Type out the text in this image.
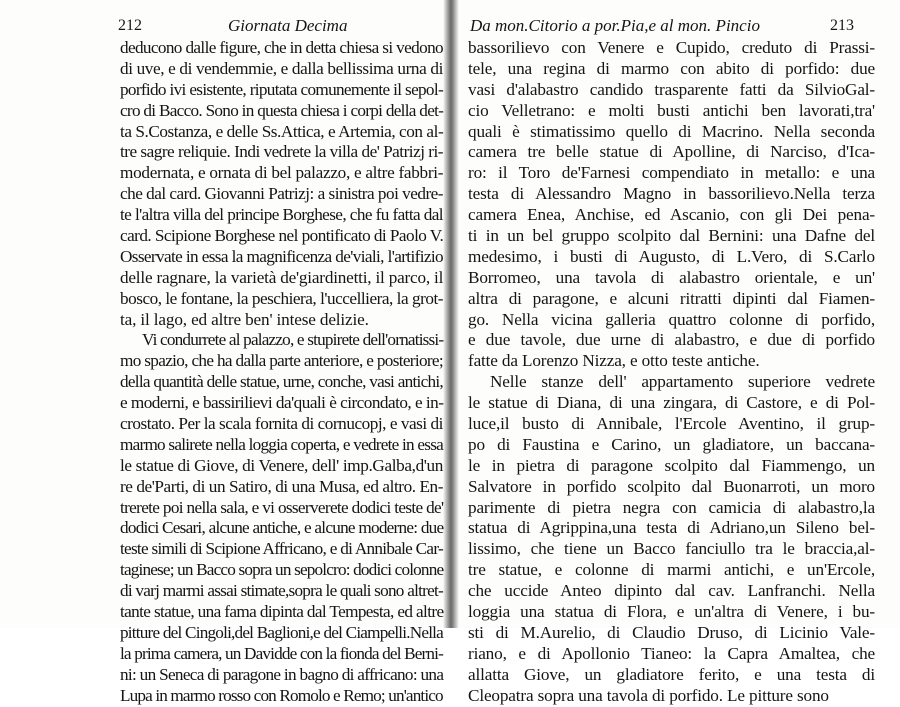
212	Giornata Decima
deducono dalle figure, che in detta chiesa si vedono
di uve, e di vendemmie, e dalla bellissima urna di
porfido ivi esistente, riputata comunemente il sepol-
cro di Bacco. Sono in questa chiesa i corpi della det-
ta S.Costanza, e delle Ss.Attica, e Artemia, con al-
tre sagre reliquie. Indi vedrete la villa de' Patrizj ri-
modernata, e ornata di bel palazzo, e altre fabbri-
che dal card. Giovanni Patrizj: a sinistra poi vedre-
te l'altra villa del principe Borghese, che fu fatta dal
card. Scipione Borghese nel pontificato di Paolo V.
Osservate in essa la magnificenza de'viali, l'artifizio
delle ragnare, la varietà de'giardinetti, il parco, il
bosco, le fontane, la peschiera, l'uccelliera, la grot-
ta, il lago, ed altre ben' intese delizie.
Vi condurrete al palazzo, e stupirete dell'ornatissi-
mo spazio, che ha dalla parte anteriore, e posteriore;
della quantità delle statue, urne, conche, vasi antichi,
e moderni, e bassirilievi da'quali è circondato, e in-
crostato. Per la scala fornita di cornucopj, e vasi di
marmo salirete nella loggia coperta, e vedrete in essa
le statue di Giove, di Venere, dell' imp.Galba,d'un
re de'Parti, di un Satiro, di una Musa, ed altro. En-
trerete poi nella sala, e vi osserverete dodici teste de'
dodici Cesari, alcune antiche, e alcune moderne: due
teste simili di Scipione Affricano, e di Annibale Car-
taginese; un Bacco sopra un sepolcro: dodici colonne
di varj marmi assai stimate,sopra le quali sono altret-
tante statue, una fama dipinta dal Tempesta, ed altre
pitture del Cingoli,del Baglioni,e del Ciampelli.Nella
la prima camera, un Davidde con la fionda del Berni-
ni: un Seneca di paragone in bagno di affricano: una
Lupa in marmo rosso con Romolo e Remo; un'antico
Da mon.Citorio a por.Pia,e al mon. Pincio	213
bassorilievo con Venere e Cupido, creduto di Prassi-
tele, una regina di marmo con abito di porfido: due
vasi d'alabastro candido trasparente fatti da SilvioGal-
cio Velletrano: e molti busti antichi ben lavorati,tra'
quali è stimatissimo quello di Macrino. Nella seconda
camera tre belle statue di Apolline, di Narciso, d'Ica-
ro: il Toro de'Farnesi compendiato in metallo: e una
testa di Alessandro Magno in bassorilievo.Nella terza
camera Enea, Anchise, ed Ascanio, con gli Dei pena-
ti in un bel gruppo scolpito dal Bernini: una Dafne del
medesimo, i busti di Augusto, di L.Vero, di S.Carlo
Borromeo, una tavola di alabastro orientale, e un'
altra di paragone, e alcuni ritratti dipinti dal Fiamen-
go. Nella vicina galleria quattro colonne di porfido,
e due tavole, due urne di alabastro, e due di porfido
fatte da Lorenzo Nizza, e otto teste antiche.
Nelle stanze dell' appartamento superiore vedrete
le statue di Diana, di una zingara, di Castore, e di Pol-
luce,il busto di Annibale, l'Ercole Aventino, il grup-
po di Faustina e Carino, un gladiatore, un baccana-
le in pietra di paragone scolpito dal Fiammengo, un
Salvatore in porfido scolpito dal Buonarroti, un moro
parimente di pietra negra con camicia di alabastro,la
statua di Agrippina,una testa di Adriano,un Sileno bel-
lissimo, che tiene un Bacco fanciullo tra le braccia,al-
tre statue, e colonne di marmi antichi, e un'Ercole,
che uccide Anteo dipinto dal cav. Lanfranchi. Nella
loggia una statua di Flora, e un'altra di Venere, i bu-
sti di M.Aurelio, di Claudio Druso, di Licinio Vale-
riano, e di Apollonio Tianeo: la Capra Amaltea, che
allatta Giove, un gladiatore ferito, e una testa di
Cleopatra sopra una tavola di porfido. Le pitture sono
